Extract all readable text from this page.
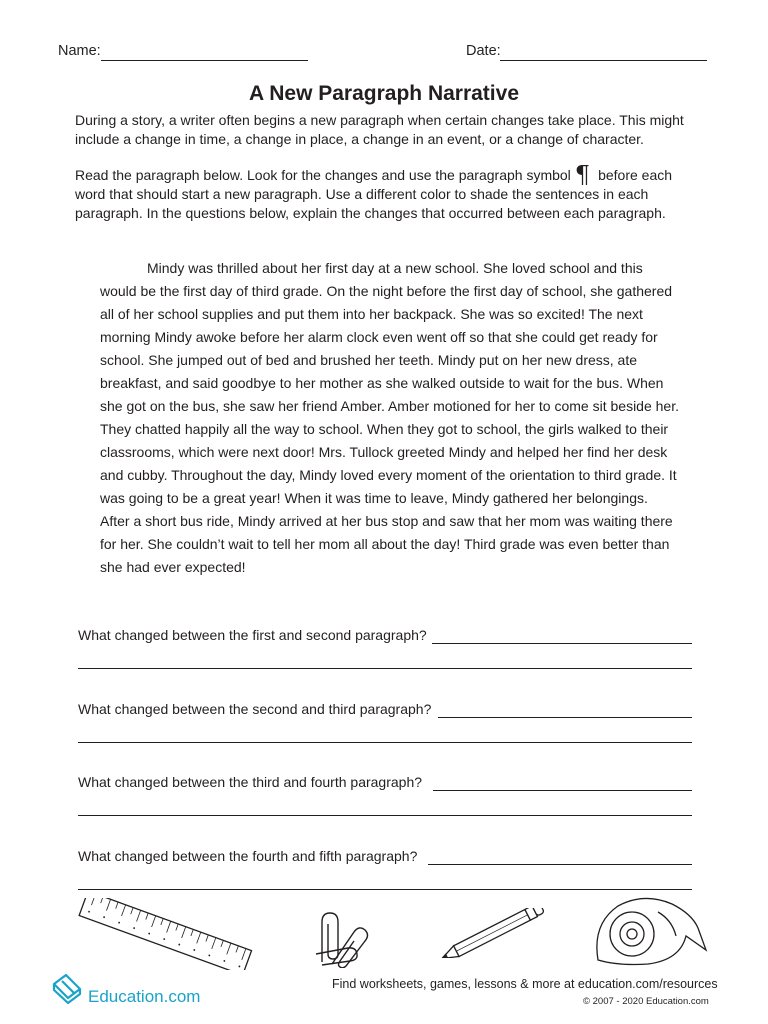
Name:	Date:
A New Paragraph Narrative

During a story, a writer often begins a new paragraph when certain changes take place. This might include a change in time, a change in place, a change in an event, or a change of character.

Read the paragraph below. Look for the changes and use the paragraph symbol ¶ before each word that should start a new paragraph. Use a different color to shade the sentences in each paragraph. In the questions below, explain the changes that occurred between each paragraph.

Mindy was thrilled about her first day at a new school. She loved school and this would be the first day of third grade. On the night before the first day of school, she gathered all of her school supplies and put them into her backpack. She was so excited! The next morning Mindy awoke before her alarm clock even went off so that she could get ready for school. She jumped out of bed and brushed her teeth. Mindy put on her new dress, ate breakfast, and said goodbye to her mother as she walked outside to wait for the bus. When she got on the bus, she saw her friend Amber. Amber motioned for her to come sit beside her. They chatted happily all the way to school. When they got to school, the girls walked to their classrooms, which were next door! Mrs. Tullock greeted Mindy and helped her find her desk and cubby. Throughout the day, Mindy loved every moment of the orientation to third grade. It was going to be a great year! When it was time to leave, Mindy gathered her belongings. After a short bus ride, Mindy arrived at her bus stop and saw that her mom was waiting there for her. She couldn’t wait to tell her mom all about the day! Third grade was even better than she had ever expected!

What changed between the first and second paragraph?
What changed between the second and third paragraph?
What changed between the third and fourth paragraph?
What changed between the fourth and fifth paragraph?
Education.com
Find worksheets, games, lessons & more at education.com/resources
© 2007 - 2020 Education.com
